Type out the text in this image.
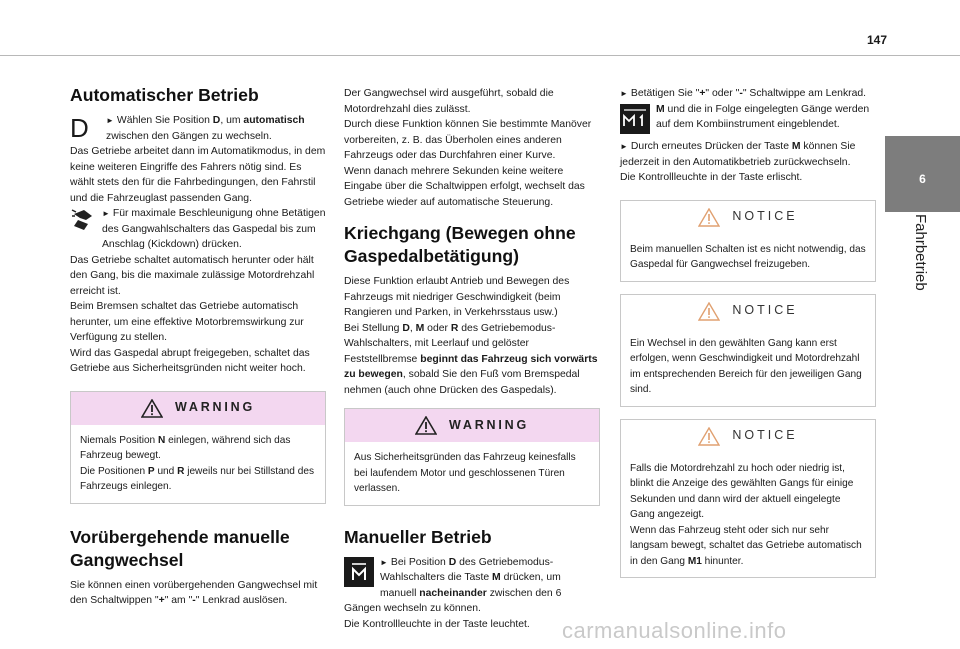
147
6
Fahrbetrieb
Automatischer Betrieb
D	► Wählen Sie Position D, um automatisch zwischen den Gängen zu wechseln.

Das Getriebe arbeitet dann im Automatikmodus, in dem keine weiteren Eingriffe des Fahrers nötig sind. Es wählt stets den für die Fahrbedingungen, den Fahrstil und die Fahrzeuglast passenden Gang.

► Für maximale Beschleunigung ohne Betätigen des Gangwahlschalters das Gaspedal bis zum Anschlag (Kickdown) drücken.

Das Getriebe schaltet automatisch herunter oder hält den Gang, bis die maximale zulässige Motordrehzahl erreicht ist.

Beim Bremsen schaltet das Getriebe automatisch herunter, um eine effektive Motorbremswirkung zur Verfügung zu stellen.

Wird das Gaspedal abrupt freigegeben, schaltet das Getriebe aus Sicherheitsgründen nicht weiter hoch.

WARNING

Niemals Position N einlegen, während sich das Fahrzeug bewegt.

Die Positionen P und R jeweils nur bei Stillstand des Fahrzeugs einlegen.

Vorübergehende manuelle Gangwechsel

Sie können einen vorübergehenden Gangwechsel mit den Schaltwippen "+" am "-" Lenkrad auslösen.

Der Gangwechsel wird ausgeführt, sobald die Motordrehzahl dies zulässt.

Durch diese Funktion können Sie bestimmte Manöver vorbereiten, z. B. das Überholen eines anderen Fahrzeugs oder das Durchfahren einer Kurve.

Wenn danach mehrere Sekunden keine weitere Eingabe über die Schaltwippen erfolgt, wechselt das Getriebe wieder auf automatische Steuerung.

Kriechgang (Bewegen ohne Gaspedalbetätigung)

Diese Funktion erlaubt Antrieb und Bewegen des Fahrzeugs mit niedriger Geschwindigkeit (beim Rangieren und Parken, in Verkehrsstaus usw.)

Bei Stellung D, M oder R des Getriebemodus-Wahlschalters, mit Leerlauf und gelöster Feststellbremse beginnt das Fahrzeug sich vorwärts zu bewegen, sobald Sie den Fuß vom Bremspedal nehmen (auch ohne Drücken des Gaspedals).

WARNING
Aus Sicherheitsgründen das Fahrzeug keinesfalls bei laufendem Motor und geschlossenen Türen verlassen.
Manueller Betrieb

► Bei Position D des Getriebemodus-Wahlschalters die Taste M drücken, um manuell nacheinander zwischen den 6 Gängen wechseln zu können.

Die Kontrollleuchte in der Taste leuchtet.

► Betätigen Sie "+" oder "-" Schaltwippe am Lenkrad.

M und die in Folge eingelegten Gänge werden auf dem Kombiinstrument eingeblendet.

► Durch erneutes Drücken der Taste M können Sie jederzeit in den Automatikbetrieb zurückwechseln.

Die Kontrollleuchte in der Taste erlischt.

NOTICE
Beim manuellen Schalten ist es nicht notwendig, das Gaspedal für Gangwechsel freizugeben.
NOTICE
Ein Wechsel in den gewählten Gang kann erst erfolgen, wenn Geschwindigkeit und Motordrehzahl im entsprechenden Bereich für den jeweiligen Gang sind.
NOTICE

Falls die Motordrehzahl zu hoch oder niedrig ist, blinkt die Anzeige des gewählten Gangs für einige Sekunden und dann wird der aktuell eingelegte Gang angezeigt.

Wenn das Fahrzeug steht oder sich nur sehr langsam bewegt, schaltet das Getriebe automatisch in den Gang M1 hinunter.

carmanualsonline.info
